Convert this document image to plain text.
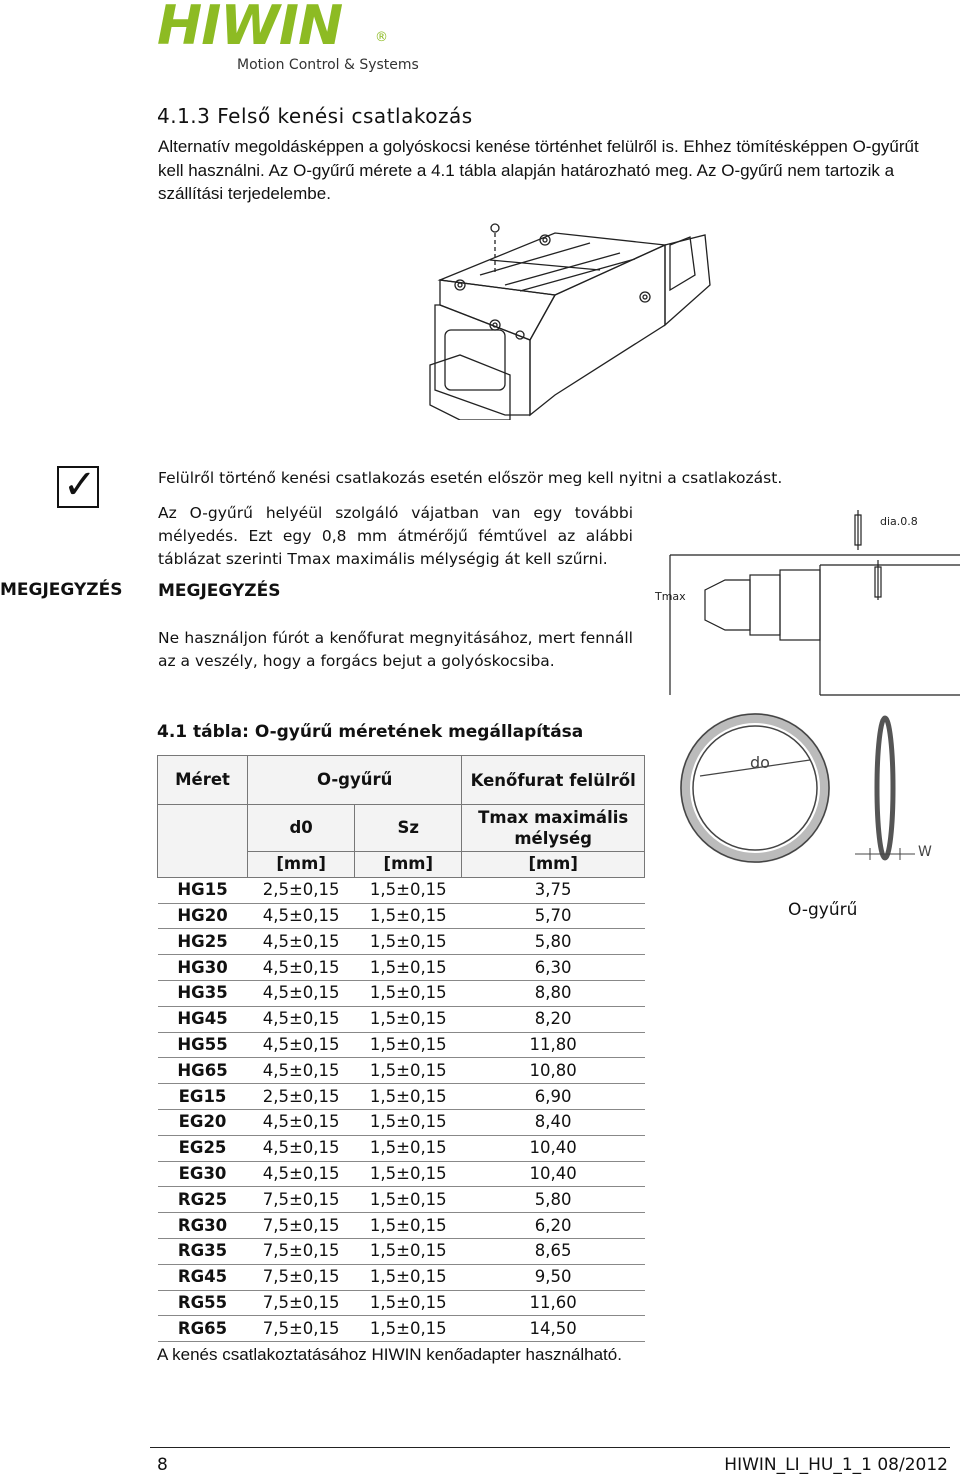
HIWIN	®
Motion Control & Systems
4.1.3 Felső kenési csatlakozás
Alternatív megoldásképpen a golyóskocsi kenése történhet felülről is. Ehhez tömítésképpen O-gyűrűt kell használni. Az O-gyűrű mérete a 4.1 tábla alapján határozható meg. Az O-gyűrű nem tartozik a szállítási terjedelembe.
✓
MEGJEGYZÉS
Felülről történő kenési csatlakozás esetén először meg kell nyitni a csatlakozást.
Az O-gyűrű helyéül szolgáló vájatban van egy további mélyedés. Ezt egy 0,8 mm átmérőjű fémtűvel az alábbi táblázat szerinti Tmax maximális mélységig át kell szűrni.
MEGJEGYZÉS
Ne használjon fúrót a kenőfurat megnyitásához, mert fennáll az a veszély, hogy a forgács bejut a golyóskocsiba.
Tmax
dia.0.8
4.1 tábla: O-gyűrű méretének megállapítása
Méret	O-gyűrű		Kenőfurat felülről
	d0	Sz	Tmax maximális mélység
	[mm]	[mm]	[mm]
HG15	2,5±0,15	1,5±0,15	3,75
HG20	4,5±0,15	1,5±0,15	5,70
HG25	4,5±0,15	1,5±0,15	5,80
HG30	4,5±0,15	1,5±0,15	6,30
HG35	4,5±0,15	1,5±0,15	8,80
HG45	4,5±0,15	1,5±0,15	8,20
HG55	4,5±0,15	1,5±0,15	11,80
HG65	4,5±0,15	1,5±0,15	10,80
EG15	2,5±0,15	1,5±0,15	6,90
EG20	4,5±0,15	1,5±0,15	8,40
EG25	4,5±0,15	1,5±0,15	10,40
EG30	4,5±0,15	1,5±0,15	10,40
RG25	7,5±0,15	1,5±0,15	5,80
RG30	7,5±0,15	1,5±0,15	6,20
RG35	7,5±0,15	1,5±0,15	8,65
RG45	7,5±0,15	1,5±0,15	9,50
RG55	7,5±0,15	1,5±0,15	11,60
RG65	7,5±0,15	1,5±0,15	14,50
do
W
O-gyűrű
A kenés csatlakoztatásához HIWIN kenőadapter használható.
8	HIWIN_LI_HU_1_1 08/2012
